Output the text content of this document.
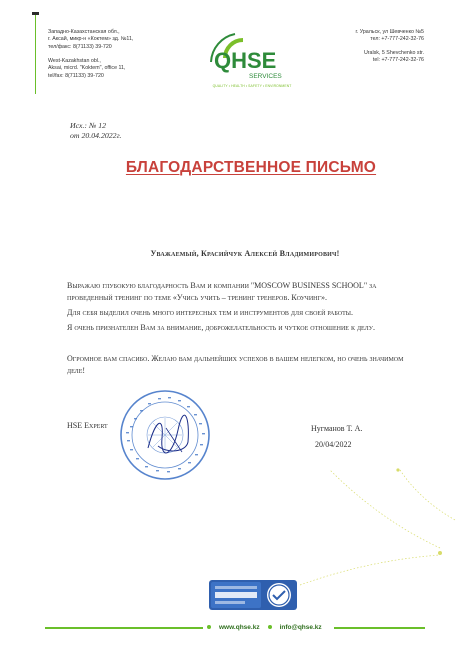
Западно-Казахстанская обл.,
г. Аксай, микр-н «Коктем» зд. №11,
тел/факс: 8(71133) 39-720
West-Kazakhstan obl.,
Aksai, micrd. "Koktem", office 11,
tel/fax: 8(71133) 39-720
г. Уральск, ул Шевченко №5
тел: +7-777-242-32-76
Uralsk, 5 Shevchenko str.
tel: +7-777-242-32-76
QHSE
SERVICES
QUALITY • HEALTH • SAFETY • ENVIRONMENT
Исх.: № 12
от 20.04.2022г.
БЛАГОДАРСТВЕННОЕ ПИСЬМО
Уважаемый, Красийчук Алексей Владимирович!
Выражаю глубокую благодарность Вам и компании "MOSCOW BUSINESS SCHOOL" за проведенный тренинг по теме «Учись учить – тренинг тренеров. Коучинг».
Для себя выделил очень много интересных тем и инструментов для своей работы.
Я очень признателен Вам за внимание, доброжелательность и чуткое отношение к делу.
Огромное вам спасибо. Желаю вам дальнейших успехов в вашем нелегком, но очень значимом деле!
HSE Expert	Нугманов Т. А.
20/04/2022
www.qhse.kz	info@qhse.kz
